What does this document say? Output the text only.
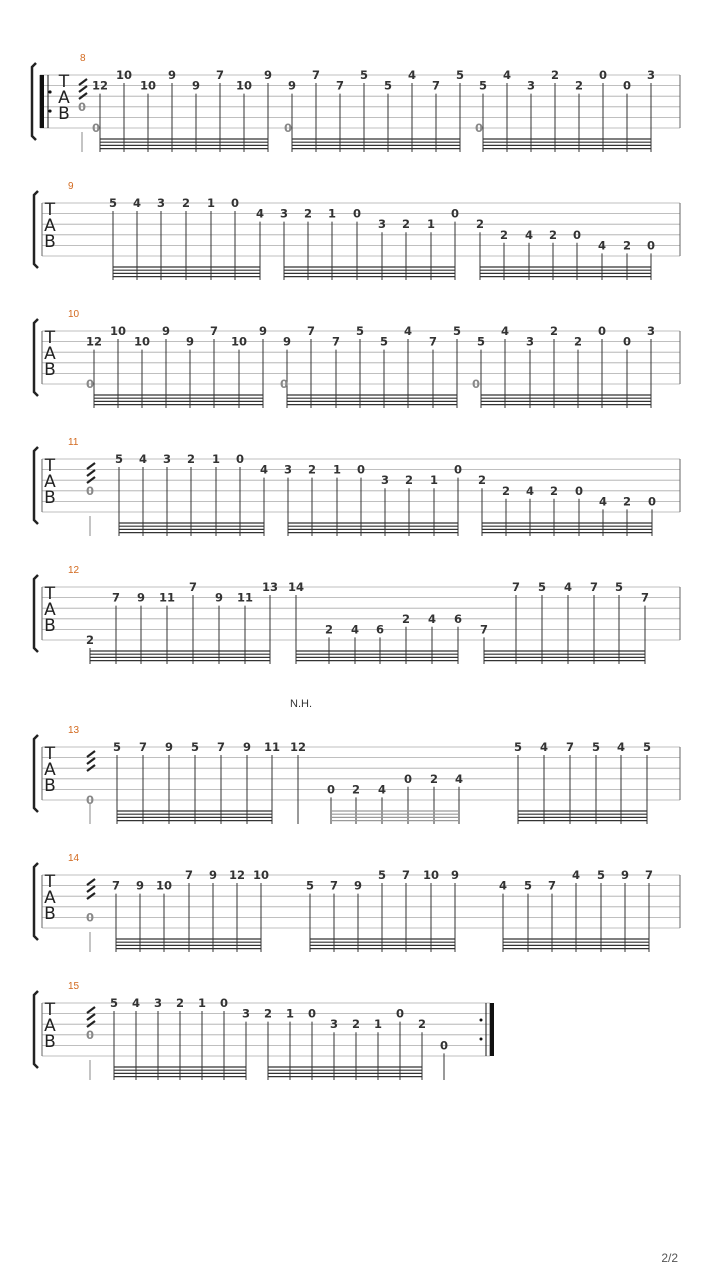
T
A
B
8
0
12
0
10
10
9
9
7
10
9
9
0
7
7
5
5
4
7
5
5
0
4
3
2
2
0
0
3
T
A
B
9
5 4 3 2 1 0
4 3 2 1 0
3 2 1
0
2
2 4 2 0
4 2 0
T
A
B
10
12
0
10
10
9
9
7
10
9
9
0
7
7
5
5
4
7
5
5
0
4
3
2
2
0
0
3
T
A
B
11
0
5 4 3 2 1 0
4 3 2 1 0
3 2 1
0
2
2 4 2 0
4 2 0
T
A
B
12
2
7 9 11
7
9 11
13 14
2 4 6
2 4 6
7
7 5 4 7 5
7
T
A
B
13
0
5 7 9 5 7 9 11 12
0 2 4
0 2 4
5 4 7 5 4 5
N.H.
T
A
B
14
0
7 9 10
7 9 12 10
5 7 9
5 7 10 9
4 5 7
4 5 9 7
T
A
B
15
0
5 4 3 2 1 0
3 2 1 0
3 2 1
0
2
0
2/2
